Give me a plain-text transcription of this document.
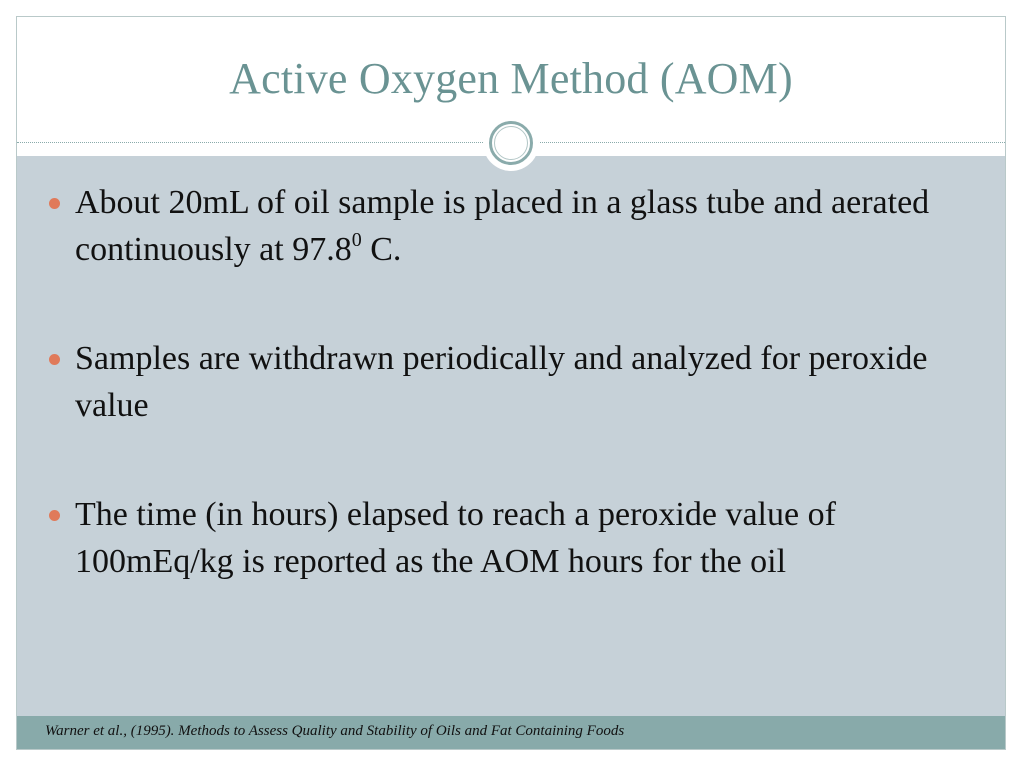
Active Oxygen Method (AOM)
About 20mL of oil sample is placed in a glass tube and aerated continuously at 97.8$^0$ C.
Samples are withdrawn periodically and analyzed for peroxide value
The time (in hours) elapsed to reach a peroxide value of 100mEq/kg is reported as the AOM hours for the oil
Warner et al., (1995). Methods to Assess Quality and Stability of Oils and Fat Containing Foods
